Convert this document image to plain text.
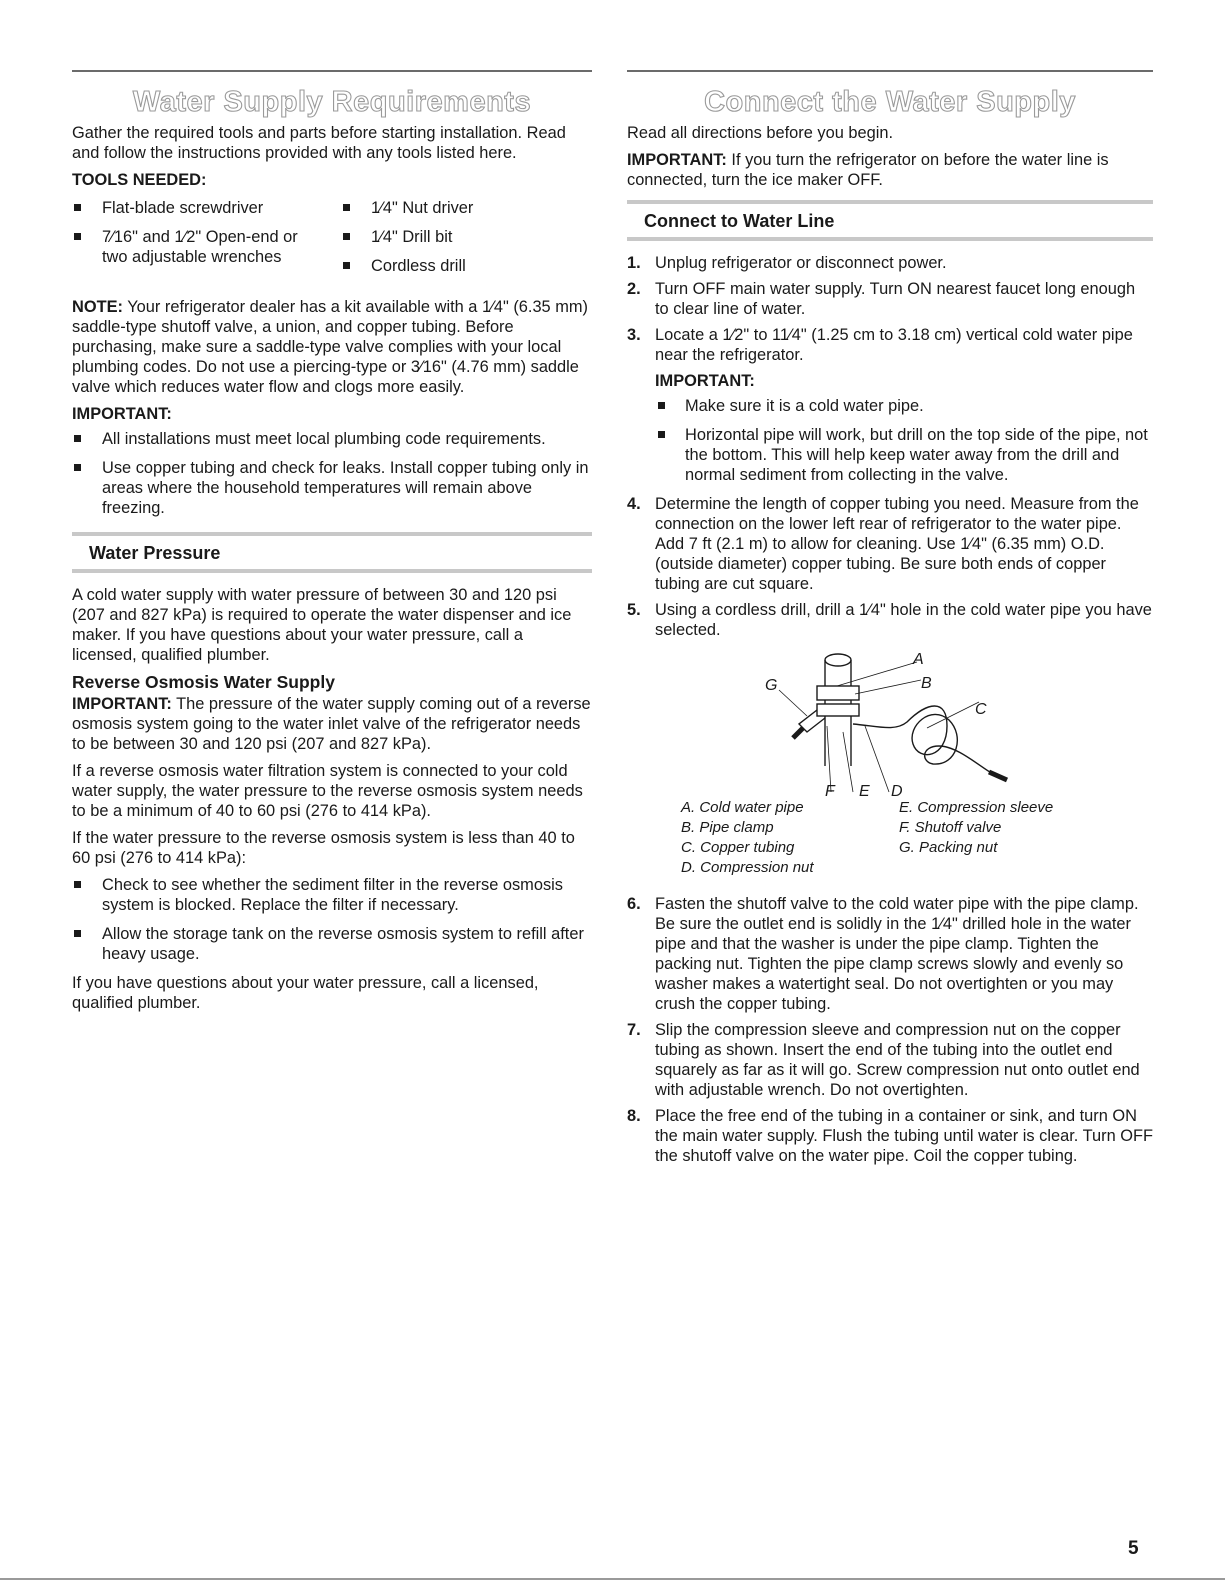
Water Supply Requirements

Gather the required tools and parts before starting installation. Read and follow the instructions provided with any tools listed here.

TOOLS NEEDED:
Flat-blade screwdriver
7⁄16" and 1⁄2" Open-end or two adjustable wrenches
1⁄4" Nut driver
1⁄4" Drill bit
Cordless drill

NOTE: Your refrigerator dealer has a kit available with a 1⁄4" (6.35 mm) saddle-type shutoff valve, a union, and copper tubing. Before purchasing, make sure a saddle-type valve complies with your local plumbing codes. Do not use a piercing-type or 3⁄16" (4.76 mm) saddle valve which reduces water flow and clogs more easily.

IMPORTANT:
All installations must meet local plumbing code requirements.
Use copper tubing and check for leaks. Install copper tubing only in areas where the household temperatures will remain above freezing.
Water Pressure

A cold water supply with water pressure of between 30 and 120 psi (207 and 827 kPa) is required to operate the water dispenser and ice maker. If you have questions about your water pressure, call a licensed, qualified plumber.

Reverse Osmosis Water Supply

IMPORTANT: The pressure of the water supply coming out of a reverse osmosis system going to the water inlet valve of the refrigerator needs to be between 30 and 120 psi (207 and 827 kPa).

If a reverse osmosis water filtration system is connected to your cold water supply, the water pressure to the reverse osmosis system needs to be a minimum of 40 to 60 psi (276 to 414 kPa).

If the water pressure to the reverse osmosis system is less than 40 to 60 psi (276 to 414 kPa):

Check to see whether the sediment filter in the reverse osmosis system is blocked. Replace the filter if necessary.
Allow the storage tank on the reverse osmosis system to refill after heavy usage.

If you have questions about your water pressure, call a licensed, qualified plumber.

Connect the Water Supply

Read all directions before you begin.

IMPORTANT: If you turn the refrigerator on before the water line is connected, turn the ice maker OFF.

Connect to Water Line
1. Unplug refrigerator or disconnect power.
2. Turn OFF main water supply. Turn ON nearest faucet long enough to clear line of water.
3. Locate a 1⁄2" to 11⁄4" (1.25 cm to 3.18 cm) vertical cold water pipe near the refrigerator.
IMPORTANT:
Make sure it is a cold water pipe.
Horizontal pipe will work, but drill on the top side of the pipe, not the bottom. This will help keep water away from the drill and normal sediment from collecting in the valve.
4. Determine the length of copper tubing you need. Measure from the connection on the lower left rear of refrigerator to the water pipe. Add 7 ft (2.1 m) to allow for cleaning. Use 1⁄4" (6.35 mm) O.D. (outside diameter) copper tubing. Be sure both ends of copper tubing are cut square.
5. Using a cordless drill, drill a 1⁄4" hole in the cold water pipe you have selected.
A
B
C
D
E
F
G
A. Cold water pipe
B. Pipe clamp
C. Copper tubing
D. Compression nut
E. Compression sleeve
F. Shutoff valve
G. Packing nut
6. Fasten the shutoff valve to the cold water pipe with the pipe clamp. Be sure the outlet end is solidly in the 1⁄4" drilled hole in the water pipe and that the washer is under the pipe clamp. Tighten the packing nut. Tighten the pipe clamp screws slowly and evenly so washer makes a watertight seal. Do not overtighten or you may crush the copper tubing.
7. Slip the compression sleeve and compression nut on the copper tubing as shown. Insert the end of the tubing into the outlet end squarely as far as it will go. Screw compression nut onto outlet end with adjustable wrench. Do not overtighten.
8. Place the free end of the tubing in a container or sink, and turn ON the main water supply. Flush the tubing until water is clear. Turn OFF the shutoff valve on the water pipe. Coil the copper tubing.
5
